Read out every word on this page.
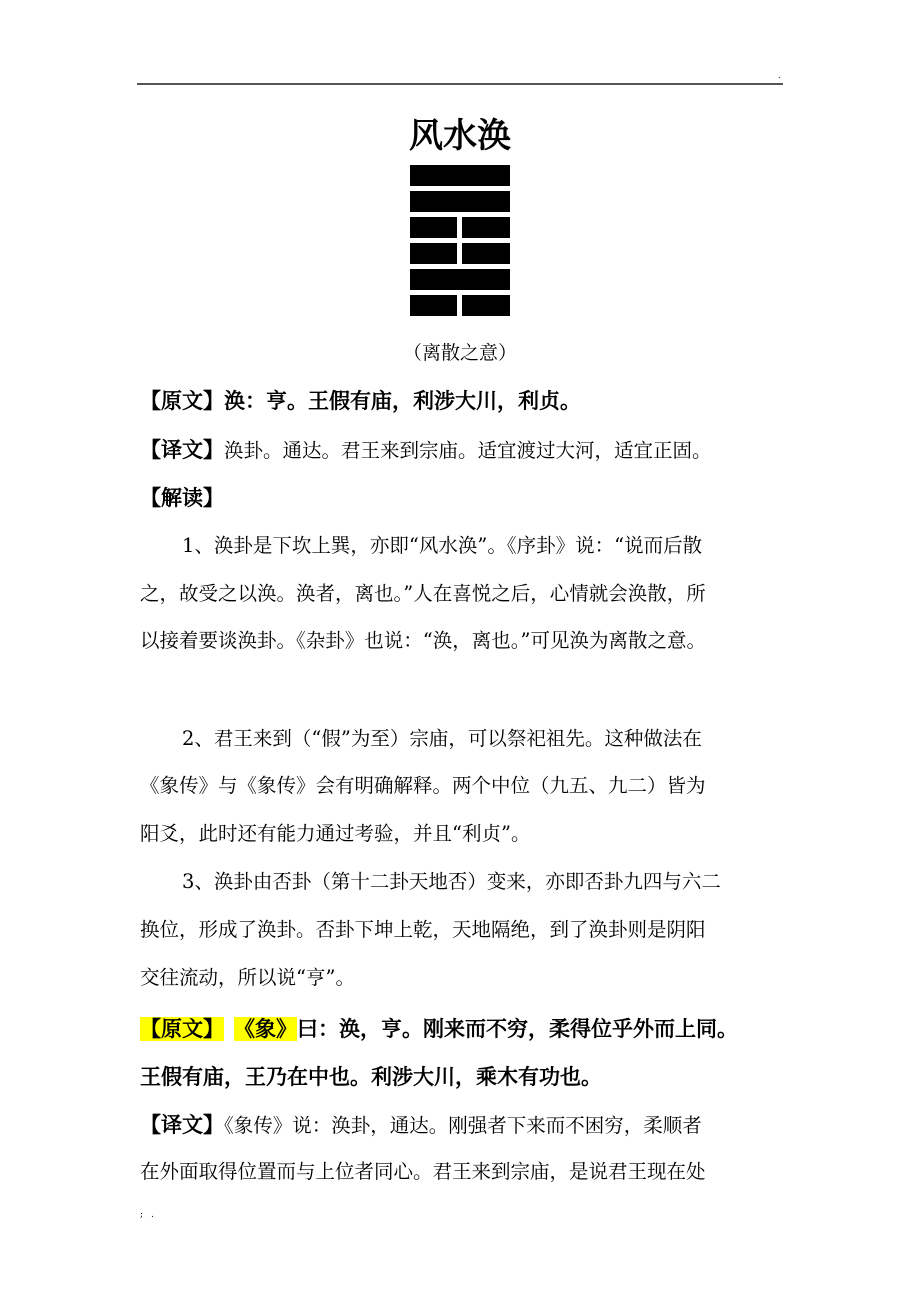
.
风水涣
（离散之意）
【原文】涣：亨。王假有庙，利涉大川，利贞。
【译文】涣卦。通达。君王来到宗庙。适宜渡过大河，适宜正固。
【解读】
1、涣卦是下坎上巽，亦即“风水涣”。《序卦》说：“说而后散
之，故受之以涣。涣者，离也。”人在喜悦之后，心情就会涣散，所
以接着要谈涣卦。《杂卦》也说：“涣，离也。”可见涣为离散之意。
2、君王来到（“假”为至）宗庙，可以祭祀祖先。这种做法在
《象传》与《象传》会有明确解释。两个中位（九五、九二）皆为
阳爻，此时还有能力通过考验，并且“利贞”。
3、涣卦由否卦（第十二卦天地否）变来，亦即否卦九四与六二
换位，形成了涣卦。否卦下坤上乾，天地隔绝，到了涣卦则是阴阳
交往流动，所以说“亨”。
【原文】 《象》曰：涣，亨。刚来而不穷，柔得位乎外而上同。
王假有庙，王乃在中也。利涉大川，乘木有功也。
【译文】《象传》说：涣卦，通达。刚强者下来而不困穷，柔顺者
在外面取得位置而与上位者同心。君王来到宗庙，是说君王现在处
;.
